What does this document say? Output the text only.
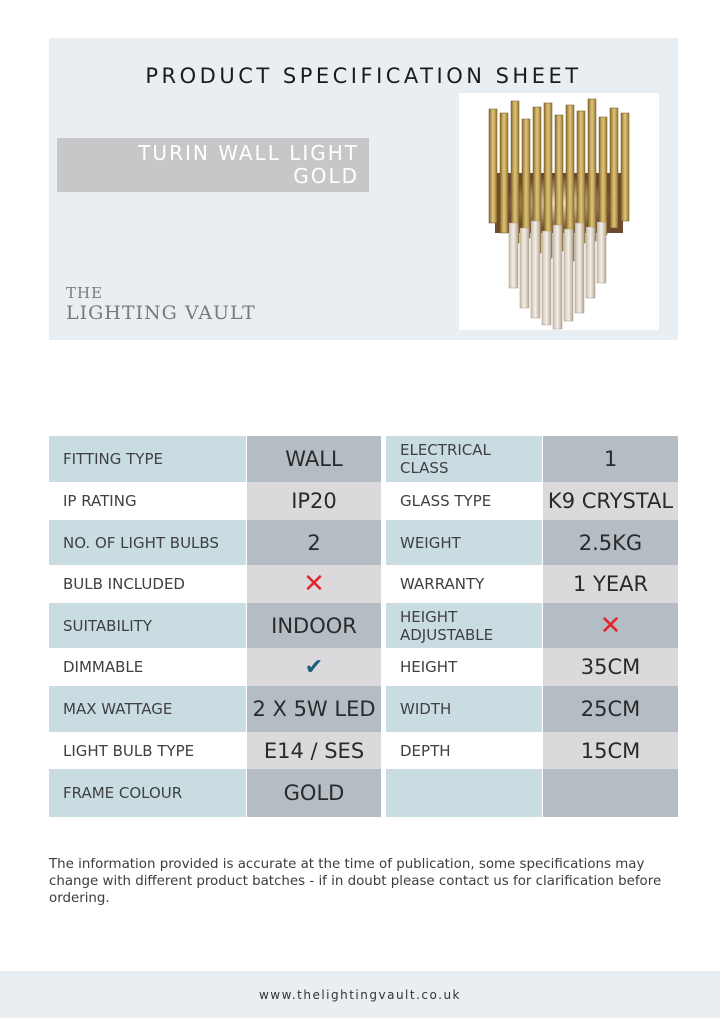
PRODUCT SPECIFICATION SHEET
TURIN WALL LIGHT
GOLD
THE
LIGHTING VAULT
FITTING TYPE	WALL	ELECTRICAL CLASS	1
IP RATING	IP20	GLASS TYPE	K9 CRYSTAL
NO. OF LIGHT BULBS	2	WEIGHT	2.5KG
BULB INCLUDED	✕	WARRANTY	1 YEAR
SUITABILITY	INDOOR	HEIGHT ADJUSTABLE	✕
DIMMABLE	✔	HEIGHT	35CM
MAX WATTAGE	2 X 5W LED	WIDTH	25CM
LIGHT BULB TYPE	E14 / SES	DEPTH	15CM
FRAME COLOUR	GOLD
The information provided is accurate at the time of publication, some specifications may change with different product batches - if in doubt please contact us for clarification before ordering.
www.thelightingvault.co.uk
